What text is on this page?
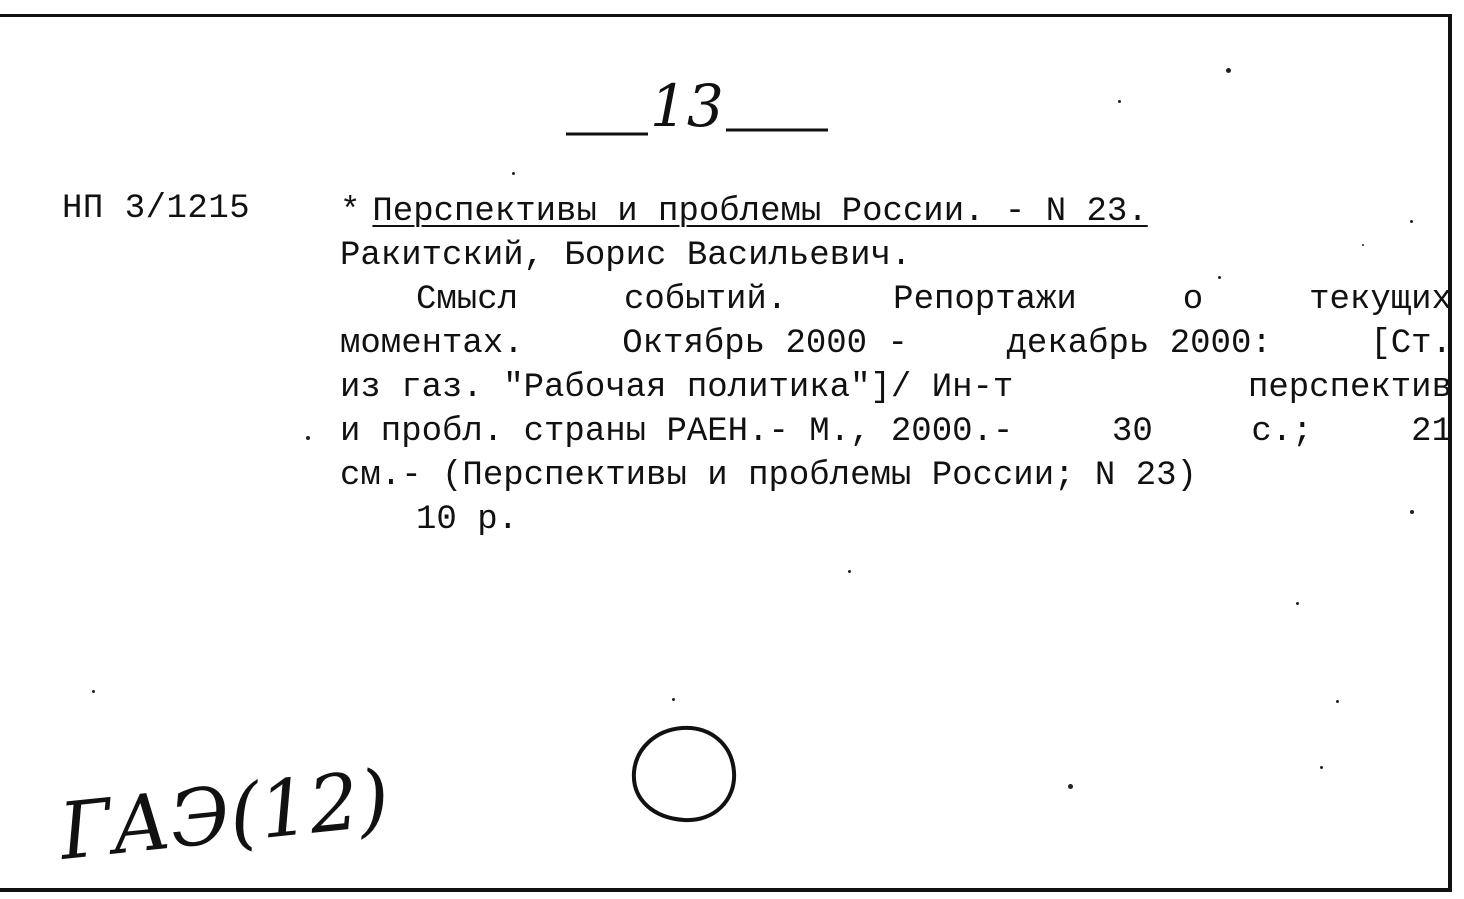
13
НП 3/1215	* Перспективы и проблемы России. - N 23.
Ракитский, Борис Васильевич.
Смысл	событий.	Репортажи	о	текущих
моментах.	Октябрь 2000 -	декабрь 2000:	[Ст.
из газ. "Рабочая политика"]/ Ин-т	перспектив
и пробл. страны РАЕН.- М., 2000.-	30	с.;	21
см.- (Перспективы и проблемы России; N 23)
10 р.
ГАЭ(12)
